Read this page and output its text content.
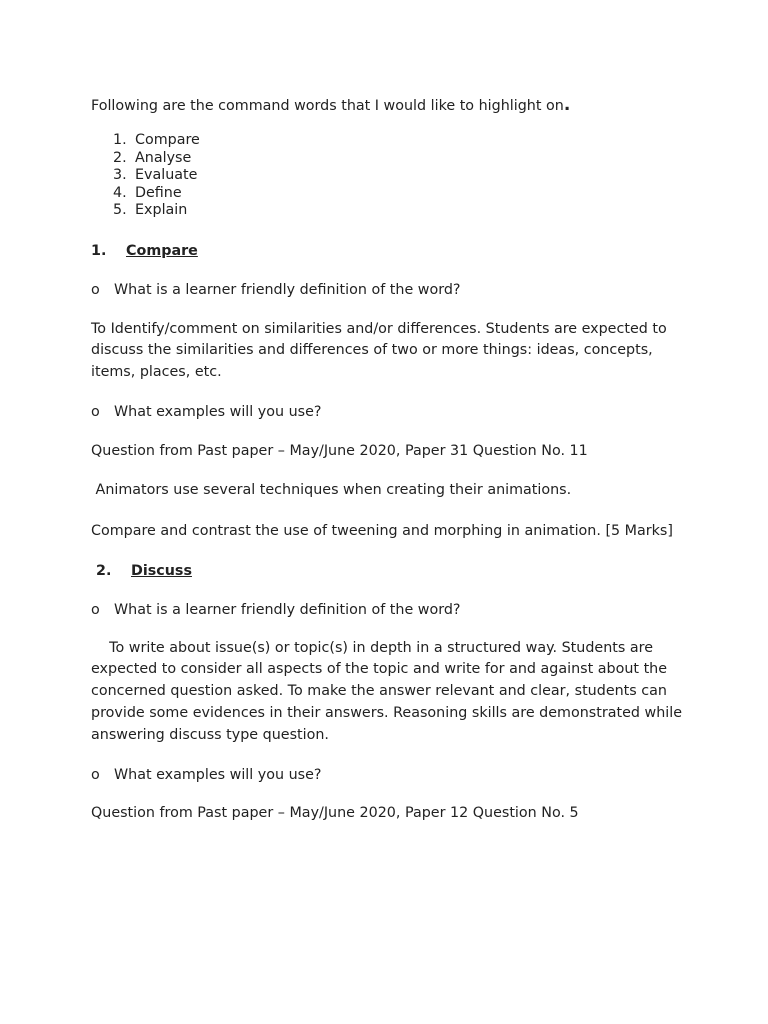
Following are the command words that I would like to highlight on.

1. Compare
2. Analyse
3. Evaluate
4. Define
5. Explain

1.	Compare

o What is a learner friendly definition of the word?

To Identify/comment on similarities and/or differences. Students are expected to discuss the similarities and differences of two or more things: ideas, concepts, items, places, etc.

o What examples will you use?

Question from Past paper – May/June 2020, Paper 31 Question No. 11

Animators use several techniques when creating their animations.

Compare and contrast the use of tweening and morphing in animation. [5 Marks]

2.	Discuss

o What is a learner friendly definition of the word?

To write about issue(s) or topic(s) in depth in a structured way. Students are expected to consider all aspects of the topic and write for and against about the concerned question asked. To make the answer relevant and clear, students can provide some evidences in their answers. Reasoning skills are demonstrated while answering discuss type question.

o What examples will you use?

Question from Past paper – May/June 2020, Paper 12 Question No. 5
